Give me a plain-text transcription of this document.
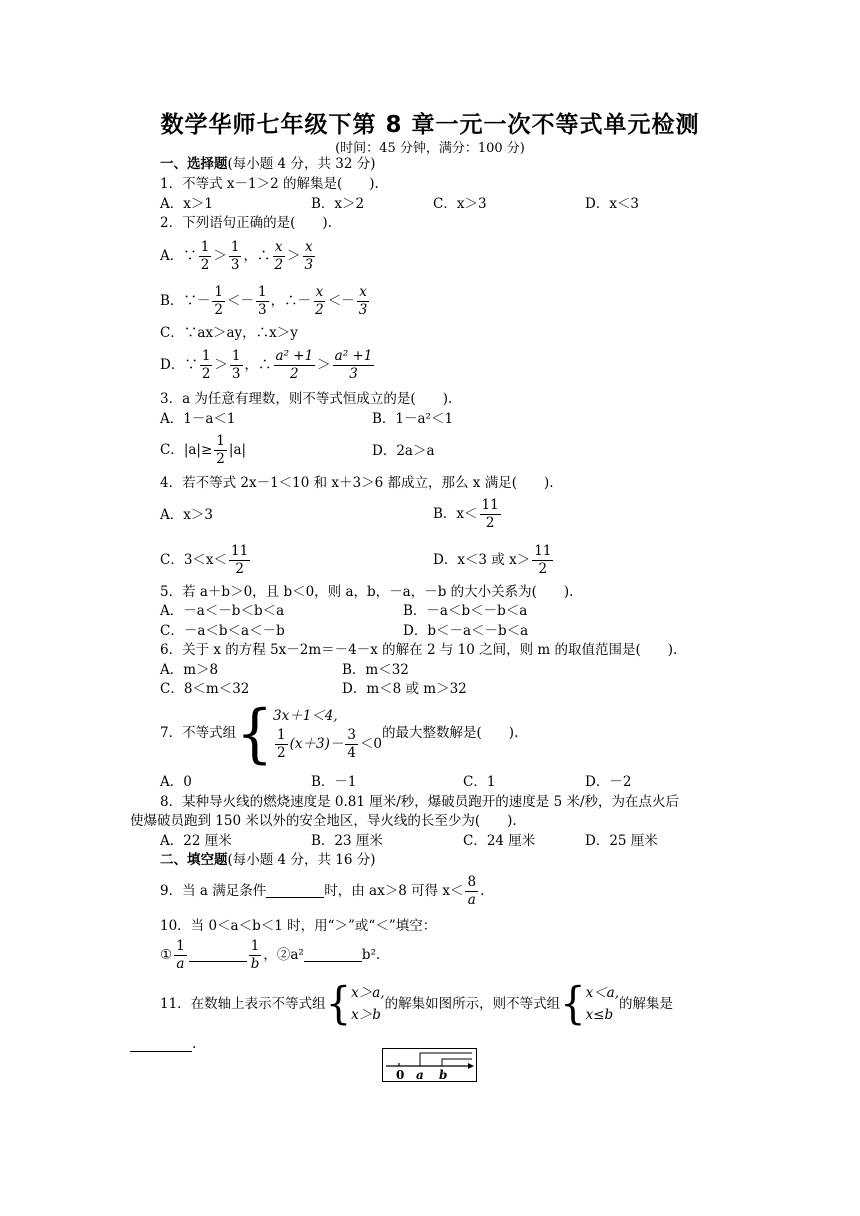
数学华师七年级下第 8 章一元一次不等式单元检测
(时间：45 分钟，满分：100 分)
一、选择题(每小题 4 分，共 32 分)
1．不等式 x－1＞2 的解集是(　　).
A．x＞1	B．x＞2	C．x＞3	D．x＜3
2．下列语句正确的是(　　).
A．∵ $\frac{1}{2} > \frac{1}{3}$ ，∴ $\frac{x}{2} > \frac{x}{3}$
B．∵－ $\frac{1}{2} <- \frac{1}{3}$ ，∴－ $\frac{x}{2} <- \frac{x}{3}$
C．∵ax＞ay，∴x＞y
D．∵ $\frac{1}{2} > \frac{1}{3}$ ，∴ $\frac{\text{a² +1}}{2} > \frac{\text{a² +1}}{3}$
3．a 为任意有理数，则不等式恒成立的是(　　).
A．1－a＜1	B．1－a²＜1
C．$|a|\ge \frac{1}{2} |a|$	D．2a＞a
4．若不等式 2x－1＜10 和 x＋3＞6 都成立，那么 x 满足(　　).
A．x＞3	B．$x< \frac{11}{2}$
C．$3<x< \frac{11}{2}$	D．x＜3 或 $x> \frac{11}{2}$
5．若 a＋b＞0，且 b＜0，则 a，b，－a，－b 的大小关系为(　　).
A．－a＜－b＜b＜a	B．－a＜b＜－b＜a
C．－a＜b＜a＜－b	D．b＜－a＜－b＜a
6．关于 x 的方程 5x－2m＝－4－x 的解在 2 与 10 之间，则 m 的取值范围是(　　).
A．m＞8	B．m＜32
C．8＜m＜32	D．m＜8 或 m＞32
7．不等式组 { 3x＋1＜4,
$\frac{1}{2} (x+3)- \frac{3}{4} <0$
的最大整数解是(　　).
A．0	B．－1	C．1	D．－2
8．某种导火线的燃烧速度是 0.81 厘米/秒，爆破员跑开的速度是 5 米/秒，为在点火后
使爆破员跑到 150 米以外的安全地区，导火线的长至少为(　　).
A．22 厘米	B．23 厘米	C．24 厘米	D．25 厘米
二、填空题(每小题 4 分，共 16 分)
9．当 a 满足条件	时，由 ax＞8 可得 $x< \frac{8}{a}$ .
10．当 0＜a＜b＜1 时，用“＞”或“＜”填空：
① $\frac{1}{a}$	$\frac{1}{b}$ ，②a²	b².
11．在数轴上表示不等式组 { x＞a,
x＞b
的解集如图所示，则不等式组 { x＜a,
x≤b
的解集是
.
0 a b
